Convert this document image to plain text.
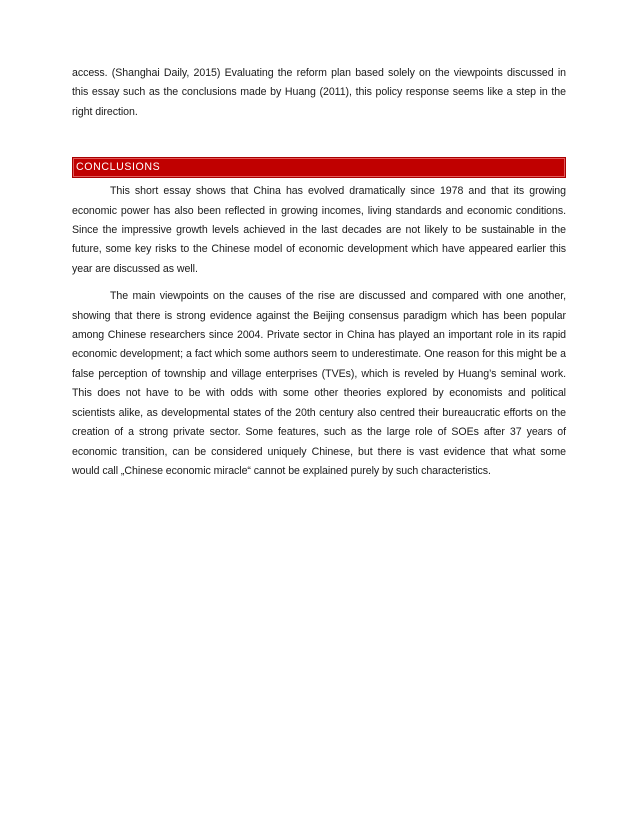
access. (Shanghai Daily, 2015) Evaluating the reform plan based solely on the viewpoints discussed in this essay such as the conclusions made by Huang (2011), this policy response seems like a step in the right direction.

CONCLUSIONS

This short essay shows that China has evolved dramatically since 1978 and that its growing economic power has also been reflected in growing incomes, living standards and economic conditions. Since the impressive growth levels achieved in the last decades are not likely to be sustainable in the future, some key risks to the Chinese model of economic development which have appeared earlier this year are discussed as well.

The main viewpoints on the causes of the rise are discussed and compared with one another, showing that there is strong evidence against the Beijing consensus paradigm which has been popular among Chinese researchers since 2004. Private sector in China has played an important role in its rapid economic development; a fact which some authors seem to underestimate. One reason for this might be a false perception of township and village enterprises (TVEs), which is reveled by Huang’s seminal work. This does not have to be with odds with some other theories explored by economists and political scientists alike, as developmental states of the 20th century also centred their bureaucratic efforts on the creation of a strong private sector. Some features, such as the large role of SOEs after 37 years of economic transition, can be considered uniquely Chinese, but there is vast evidence that what some would call „Chinese economic miracle“ cannot be explained purely by such characteristics.
